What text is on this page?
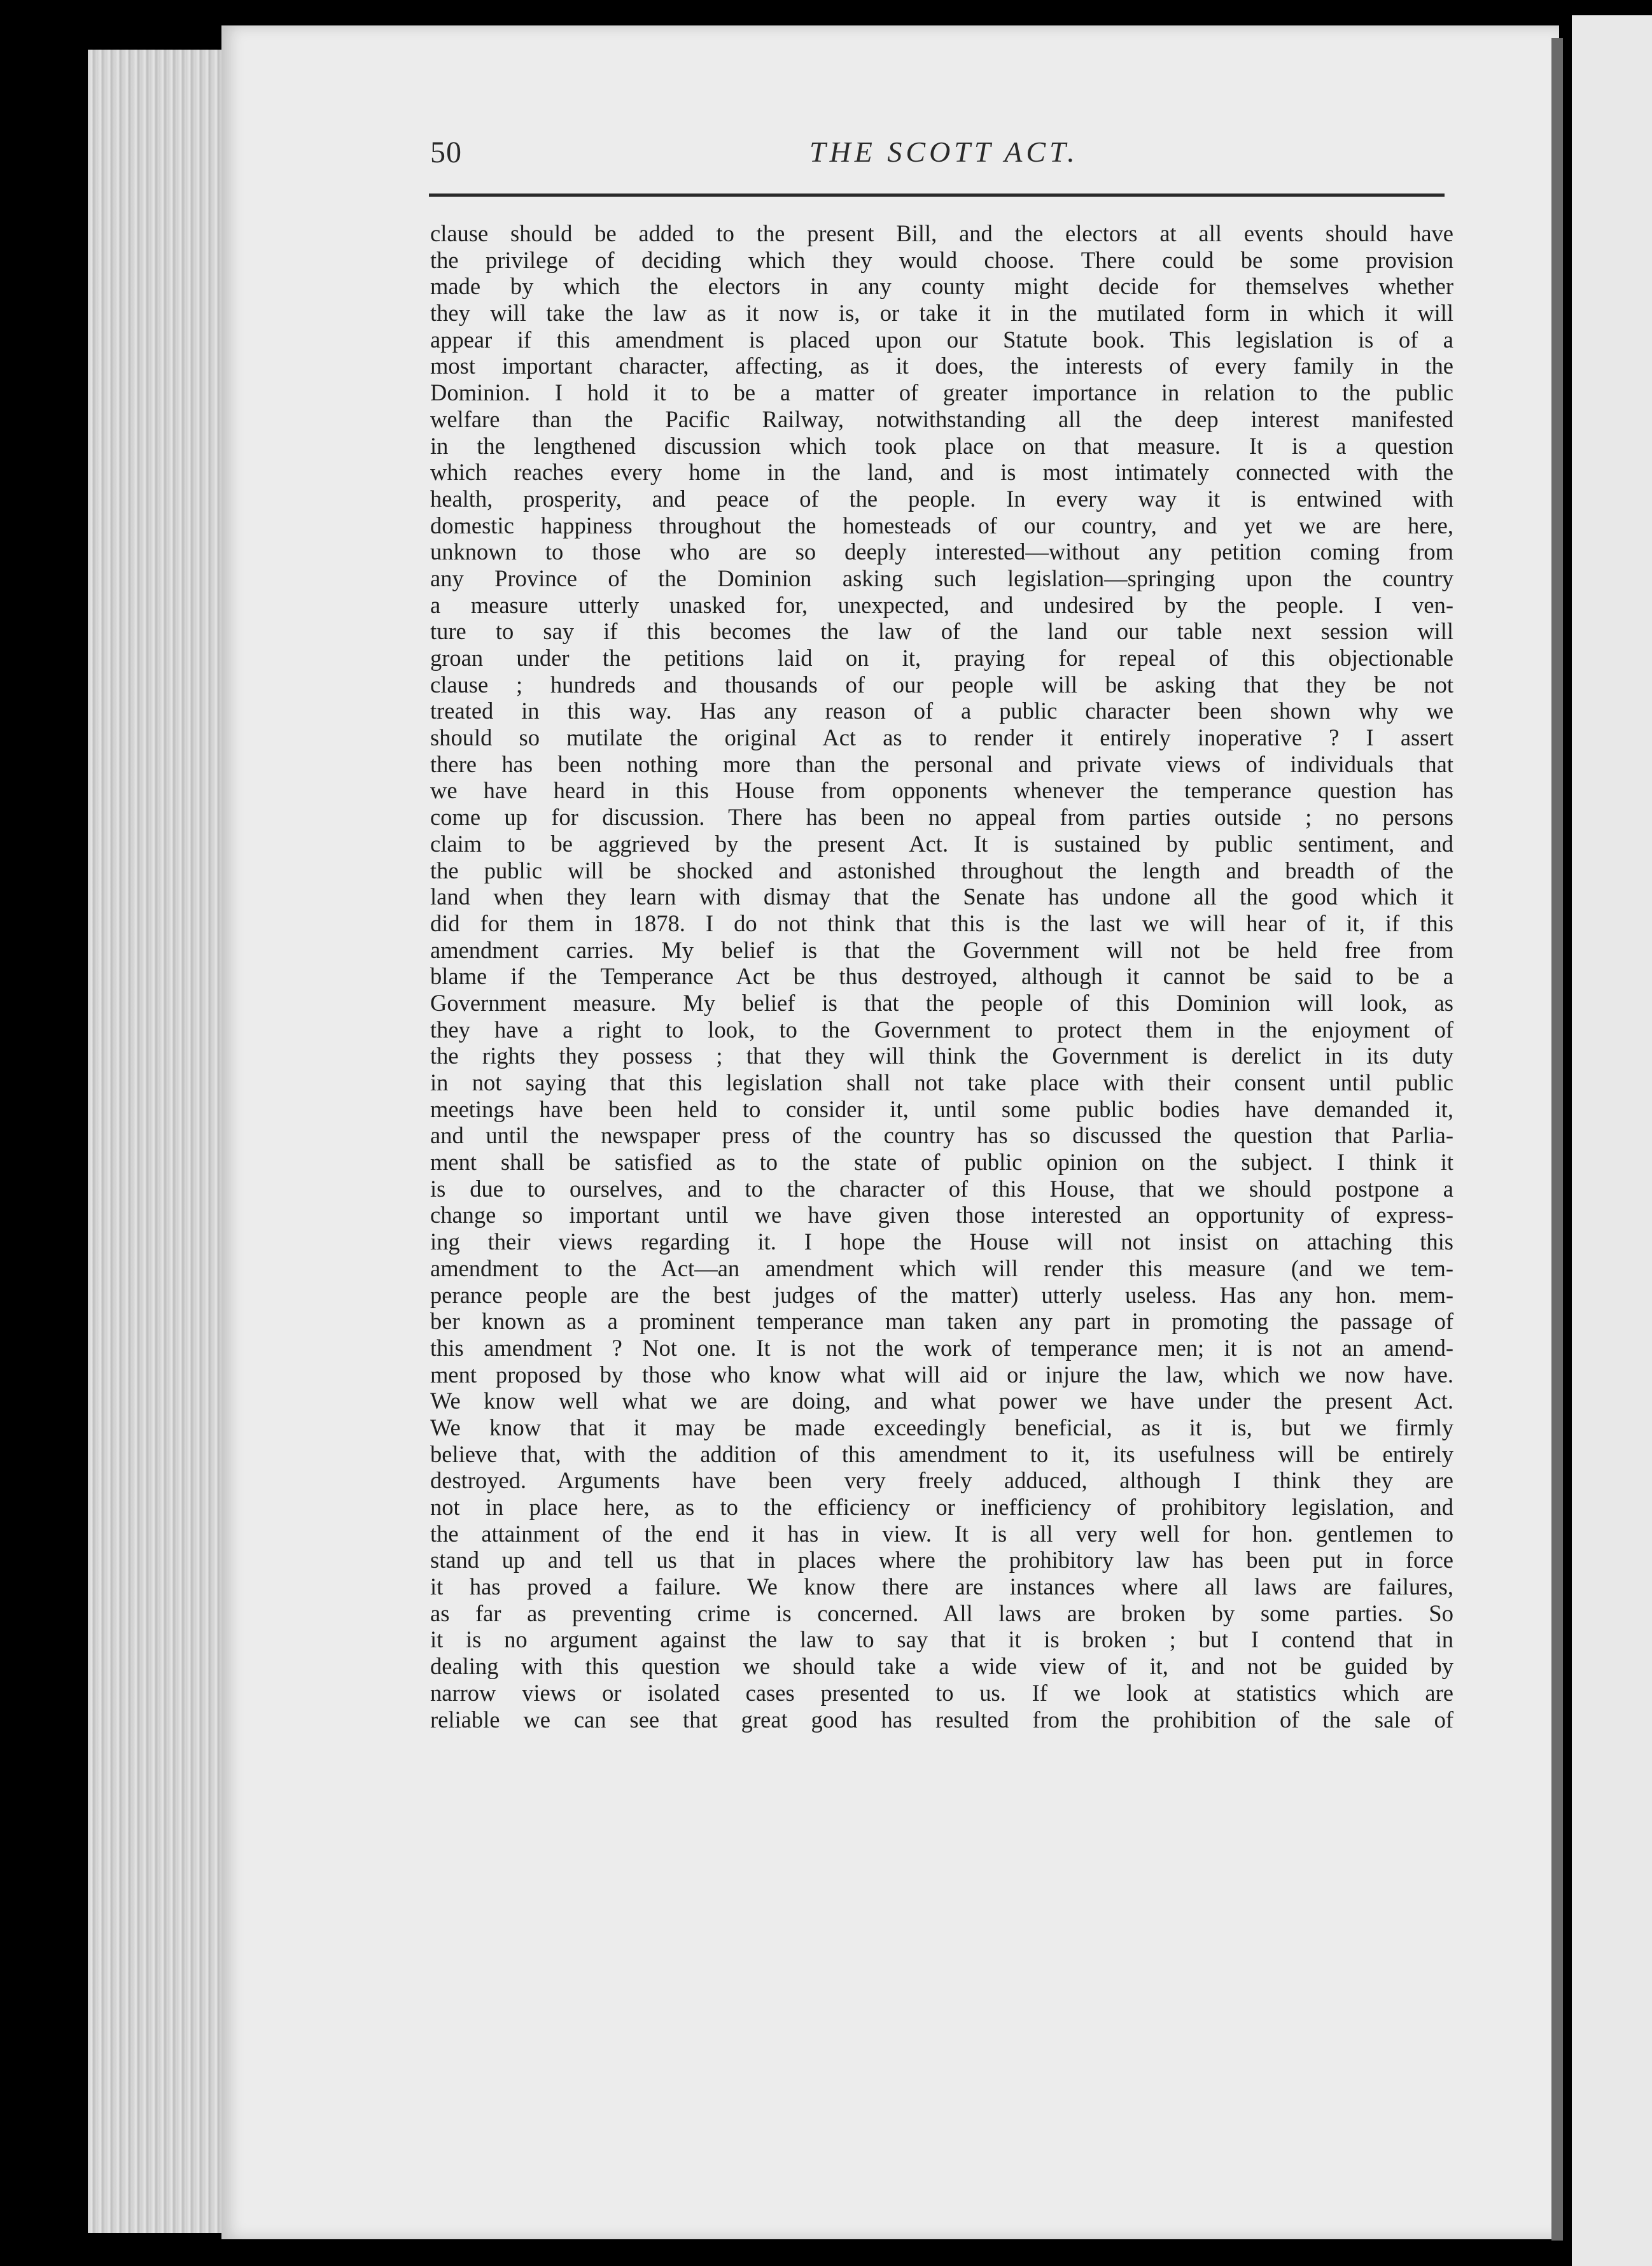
50	THE SCOTT ACT.
clause should be added to the present Bill, and the electors at all events should have
the privilege of deciding which they would choose. There could be some provision
made by which the electors in any county might decide for themselves whether
they will take the law as it now is, or take it in the mutilated form in which it will
appear if this amendment is placed upon our Statute book. This legislation is of a
most important character, affecting, as it does, the interests of every family in the
Dominion. I hold it to be a matter of greater importance in relation to the public
welfare than the Pacific Railway, notwithstanding all the deep interest manifested
in the lengthened discussion which took place on that measure. It is a question
which reaches every home in the land, and is most intimately connected with the
health, prosperity, and peace of the people. In every way it is entwined with
domestic happiness throughout the homesteads of our country, and yet we are here,
unknown to those who are so deeply interested—without any petition coming from
any Province of the Dominion asking such legislation—springing upon the country
a measure utterly unasked for, unexpected, and undesired by the people. I ven-
ture to say if this becomes the law of the land our table next session will
groan under the petitions laid on it, praying for repeal of this objectionable
clause ; hundreds and thousands of our people will be asking that they be not
treated in this way. Has any reason of a public character been shown why we
should so mutilate the original Act as to render it entirely inoperative ? I assert
there has been nothing more than the personal and private views of individuals that
we have heard in this House from opponents whenever the temperance question has
come up for discussion. There has been no appeal from parties outside ; no persons
claim to be aggrieved by the present Act. It is sustained by public sentiment, and
the public will be shocked and astonished throughout the length and breadth of the
land when they learn with dismay that the Senate has undone all the good which it
did for them in 1878. I do not think that this is the last we will hear of it, if this
amendment carries. My belief is that the Government will not be held free from
blame if the Temperance Act be thus destroyed, although it cannot be said to be a
Government measure. My belief is that the people of this Dominion will look, as
they have a right to look, to the Government to protect them in the enjoyment of
the rights they possess ; that they will think the Government is derelict in its duty
in not saying that this legislation shall not take place with their consent until public
meetings have been held to consider it, until some public bodies have demanded it,
and until the newspaper press of the country has so discussed the question that Parlia-
ment shall be satisfied as to the state of public opinion on the subject. I think it
is due to ourselves, and to the character of this House, that we should postpone a
change so important until we have given those interested an opportunity of express-
ing their views regarding it. I hope the House will not insist on attaching this
amendment to the Act—an amendment which will render this measure (and we tem-
perance people are the best judges of the matter) utterly useless. Has any hon. mem-
ber known as a prominent temperance man taken any part in promoting the passage of
this amendment ? Not one. It is not the work of temperance men; it is not an amend-
ment proposed by those who know what will aid or injure the law, which we now have.
We know well what we are doing, and what power we have under the present Act.
We know that it may be made exceedingly beneficial, as it is, but we firmly
believe that, with the addition of this amendment to it, its usefulness will be entirely
destroyed. Arguments have been very freely adduced, although I think they are
not in place here, as to the efficiency or inefficiency of prohibitory legislation, and
the attainment of the end it has in view. It is all very well for hon. gentlemen to
stand up and tell us that in places where the prohibitory law has been put in force
it has proved a failure. We know there are instances where all laws are failures,
as far as preventing crime is concerned. All laws are broken by some parties. So
it is no argument against the law to say that it is broken ; but I contend that in
dealing with this question we should take a wide view of it, and not be guided by
narrow views or isolated cases presented to us. If we look at statistics which are
reliable we can see that great good has resulted from the prohibition of the sale of
